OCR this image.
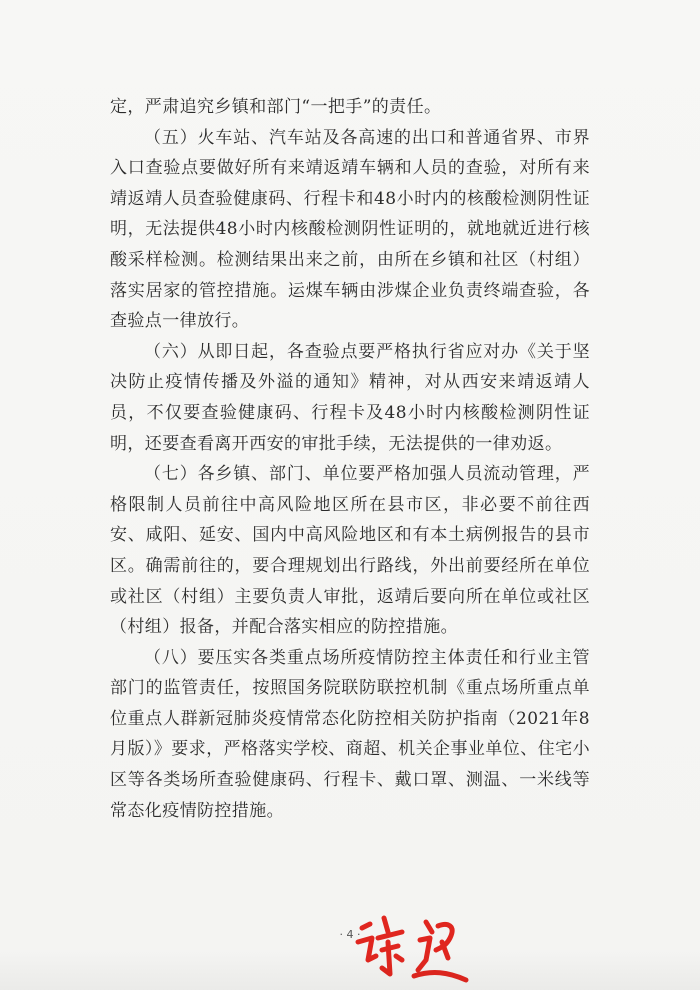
定，严肃追究乡镇和部门“一把手”的责任。

（五）火车站、汽车站及各高速的出口和普通省界、市界入口查验点要做好所有来靖返靖车辆和人员的查验，对所有来靖返靖人员查验健康码、行程卡和48小时内的核酸检测阴性证明，无法提供48小时内核酸检测阴性证明的，就地就近进行核酸采样检测。检测结果出来之前，由所在乡镇和社区（村组）落实居家的管控措施。运煤车辆由涉煤企业负责终端查验，各查验点一律放行。

（六）从即日起，各查验点要严格执行省应对办《关于坚决防止疫情传播及外溢的通知》精神，对从西安来靖返靖人员，不仅要查验健康码、行程卡及48小时内核酸检测阴性证明，还要查看离开西安的审批手续，无法提供的一律劝返。

（七）各乡镇、部门、单位要严格加强人员流动管理，严格限制人员前往中高风险地区所在县市区，非必要不前往西安、咸阳、延安、国内中高风险地区和有本土病例报告的县市区。确需前往的，要合理规划出行路线，外出前要经所在单位或社区（村组）主要负责人审批，返靖后要向所在单位或社区（村组）报备，并配合落实相应的防控措施。

（八）要压实各类重点场所疫情防控主体责任和行业主管部门的监管责任，按照国务院联防联控机制《重点场所重点单位重点人群新冠肺炎疫情常态化防控相关防护指南（2021年8月版）》要求，严格落实学校、商超、机关企事业单位、住宅小区等各类场所查验健康码、行程卡、戴口罩、测温、一米线等常态化疫情防控措施。

· 4 ·
